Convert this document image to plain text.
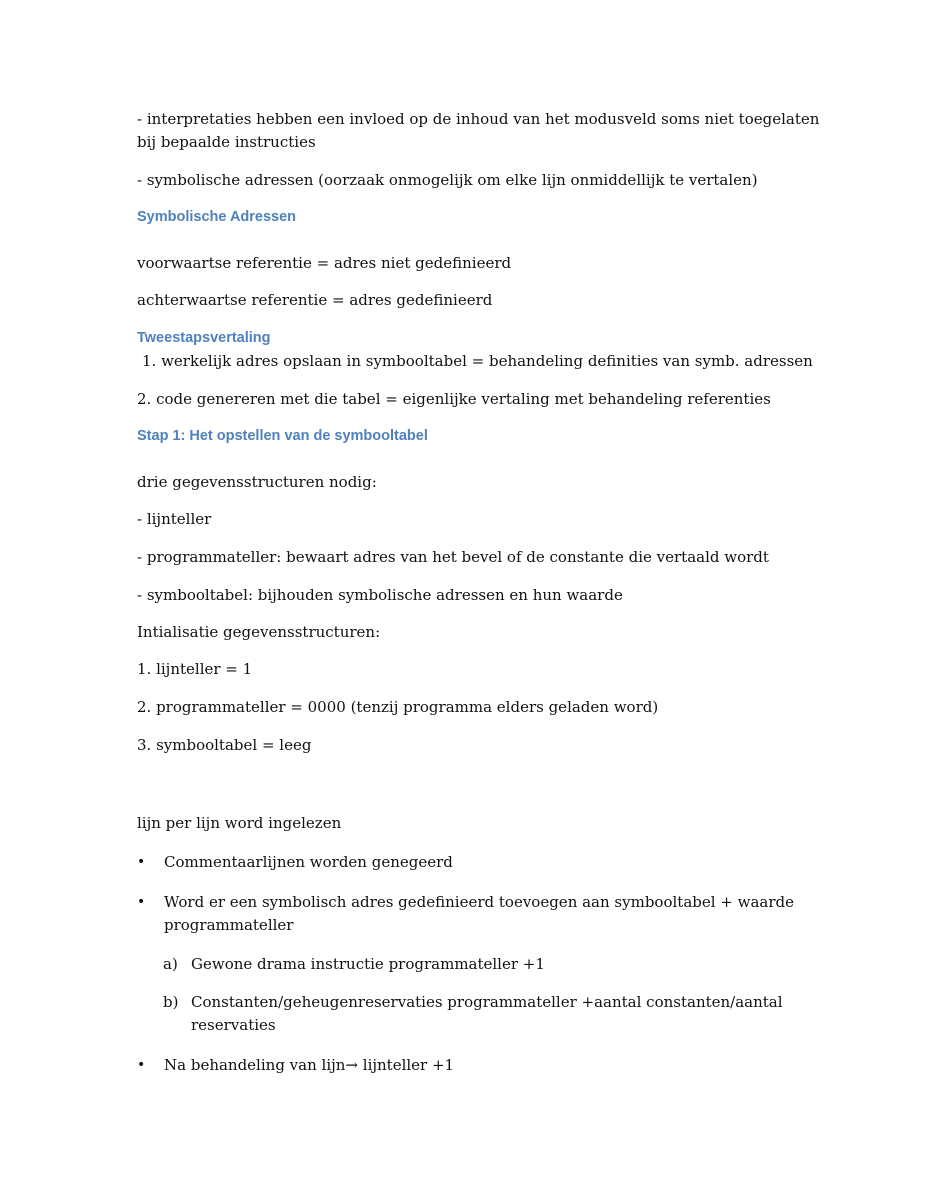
- interpretaties hebben een invloed op de inhoud van het modusveld soms niet toegelaten

bij bepaalde instructies

- symbolische adressen (oorzaak onmogelijk om elke lijn onmiddellijk te vertalen)

Symbolische Adressen

voorwaartse referentie = adres niet gedefinieerd

achterwaartse referentie = adres gedefinieerd

Tweestapsvertaling

1. werkelijk adres opslaan in symbooltabel = behandeling definities van symb. adressen

2. code genereren met die tabel = eigenlijke vertaling met behandeling referenties

Stap 1: Het opstellen van de symbooltabel

drie gegevensstructuren nodig:

- lijnteller

- programmateller: bewaart adres van het bevel of de constante die vertaald wordt

- symbooltabel: bijhouden symbolische adressen en hun waarde

Intialisatie gegevensstructuren:

1. lijnteller = 1

2. programmateller = 0000 (tenzij programma elders geladen word)

3. symbooltabel = leeg

lijn per lijn word ingelezen

• Commentaarlijnen worden genegeerd

• Word er een symbolisch adres gedefinieerd toevoegen aan symbooltabel + waarde

programmateller

a) Gewone drama instructie programmateller +1

b) Constanten/geheugenreservaties programmateller +aantal constanten/aantal

reservaties

• Na behandeling van lijn→ lijnteller +1
